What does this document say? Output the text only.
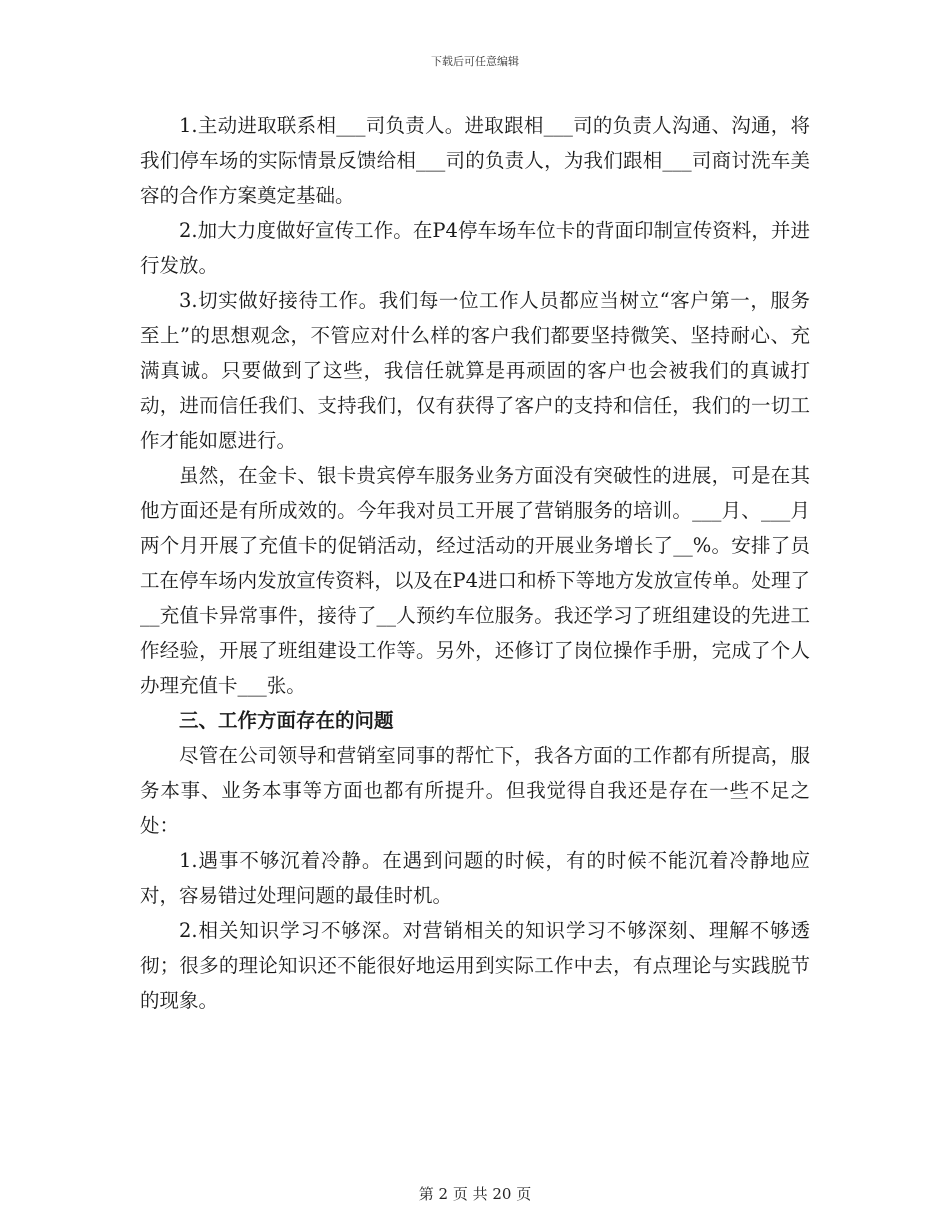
下载后可任意编辑

1.主动进取联系相___司负责人。进取跟相___司的负责人沟通、沟通，将我们停车场的实际情景反馈给相___司的负责人，为我们跟相___司商讨洗车美容的合作方案奠定基础。

2.加大力度做好宣传工作。在P4停车场车位卡的背面印制宣传资料，并进行发放。

3.切实做好接待工作。我们每一位工作人员都应当树立“客户第一，服务至上”的思想观念，不管应对什么样的客户我们都要坚持微笑、坚持耐心、充满真诚。只要做到了这些，我信任就算是再顽固的客户也会被我们的真诚打动，进而信任我们、支持我们，仅有获得了客户的支持和信任，我们的一切工作才能如愿进行。

虽然，在金卡、银卡贵宾停车服务业务方面没有突破性的进展，可是在其他方面还是有所成效的。今年我对员工开展了营销服务的培训。___月、___月两个月开展了充值卡的促销活动，经过活动的开展业务增长了__%。安排了员工在停车场内发放宣传资料，以及在P4进口和桥下等地方发放宣传单。处理了__充值卡异常事件，接待了__人预约车位服务。我还学习了班组建设的先进工作经验，开展了班组建设工作等。另外，还修订了岗位操作手册，完成了个人办理充值卡___张。

三、工作方面存在的问题

尽管在公司领导和营销室同事的帮忙下，我各方面的工作都有所提高，服务本事、业务本事等方面也都有所提升。但我觉得自我还是存在一些不足之处：

1.遇事不够沉着冷静。在遇到问题的时候，有的时候不能沉着冷静地应对，容易错过处理问题的最佳时机。

2.相关知识学习不够深。对营销相关的知识学习不够深刻、理解不够透彻；很多的理论知识还不能很好地运用到实际工作中去，有点理论与实践脱节的现象。

第 2 页 共 20 页
